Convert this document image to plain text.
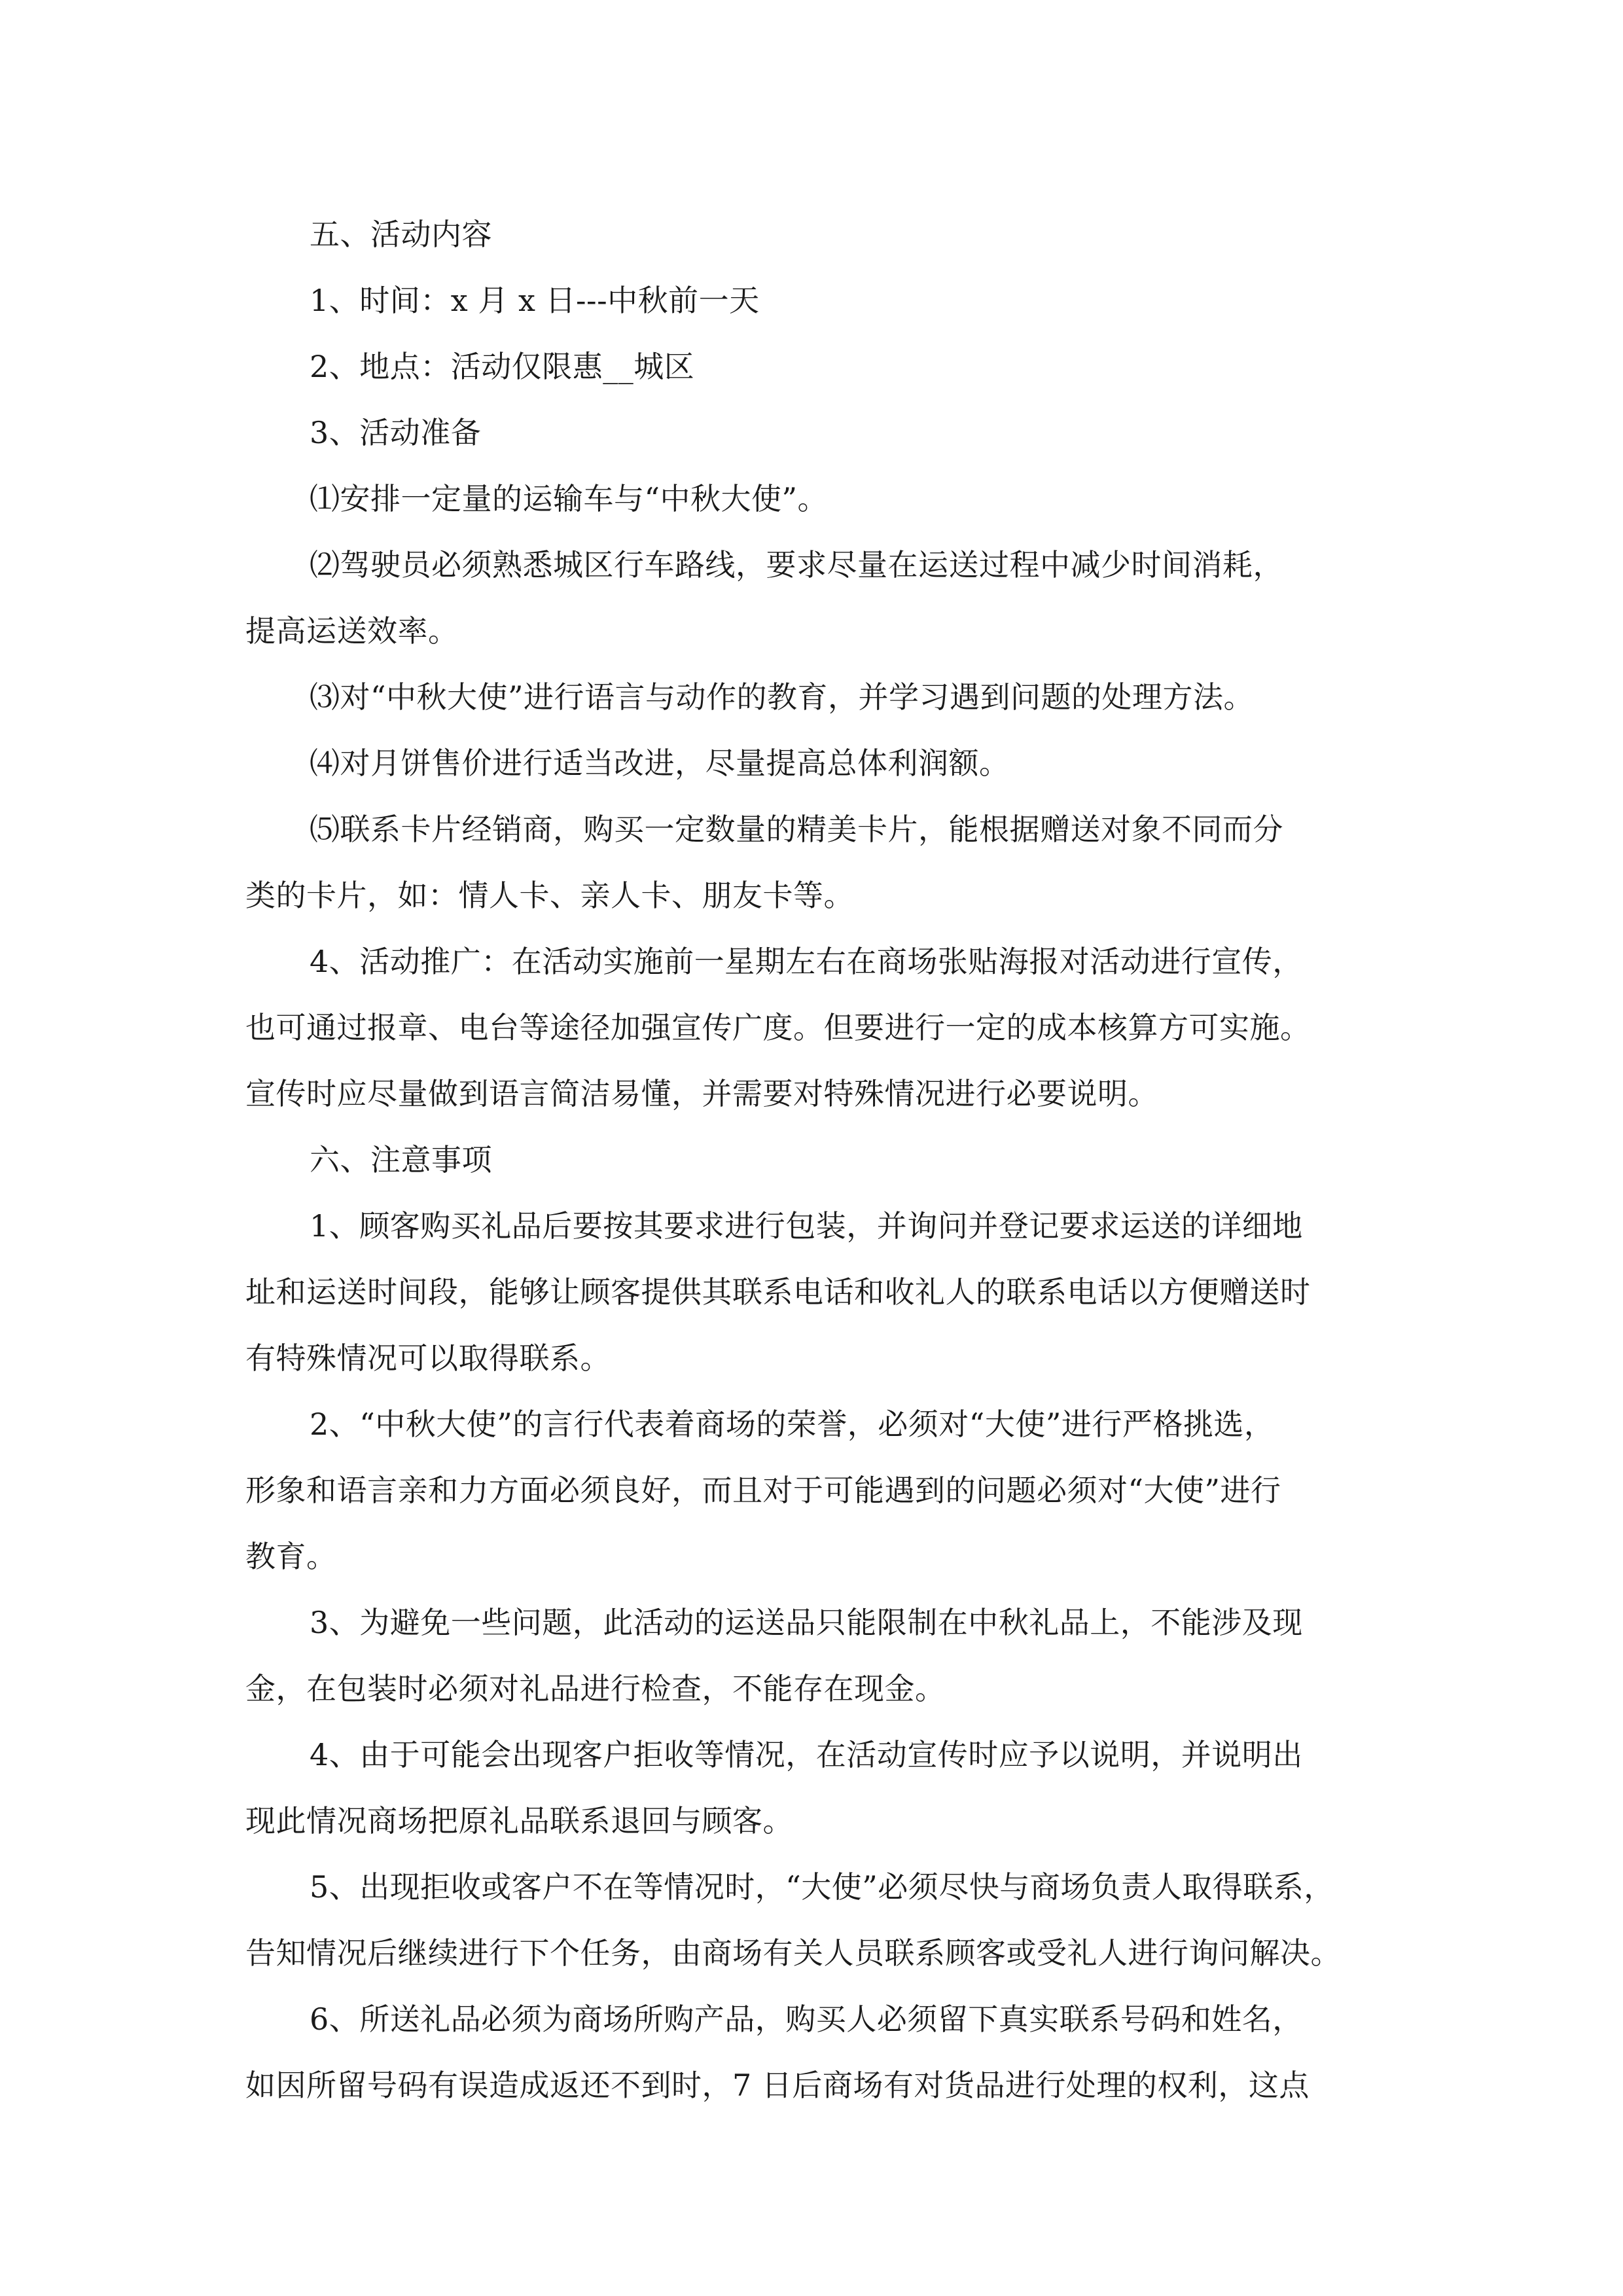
五、活动内容

1、时间：x 月 x 日---中秋前一天

2、地点：活动仅限惠__城区

3、活动准备

⑴安排一定量的运输车与“中秋大使”。

⑵驾驶员必须熟悉城区行车路线，要求尽量在运送过程中减少时间消耗，

提高运送效率。

⑶对“中秋大使”进行语言与动作的教育，并学习遇到问题的处理方法。

⑷对月饼售价进行适当改进，尽量提高总体利润额。

⑸联系卡片经销商，购买一定数量的精美卡片，能根据赠送对象不同而分

类的卡片，如：情人卡、亲人卡、朋友卡等。

4、活动推广：在活动实施前一星期左右在商场张贴海报对活动进行宣传，

也可通过报章、电台等途径加强宣传广度。但要进行一定的成本核算方可实施。

宣传时应尽量做到语言简洁易懂，并需要对特殊情况进行必要说明。

六、注意事项

1、顾客购买礼品后要按其要求进行包装，并询问并登记要求运送的详细地

址和运送时间段，能够让顾客提供其联系电话和收礼人的联系电话以方便赠送时

有特殊情况可以取得联系。

2、“中秋大使”的言行代表着商场的荣誉，必须对“大使”进行严格挑选，

形象和语言亲和力方面必须良好，而且对于可能遇到的问题必须对“大使”进行

教育。

3、为避免一些问题，此活动的运送品只能限制在中秋礼品上，不能涉及现

金，在包装时必须对礼品进行检查，不能存在现金。

4、由于可能会出现客户拒收等情况，在活动宣传时应予以说明，并说明出

现此情况商场把原礼品联系退回与顾客。

5、出现拒收或客户不在等情况时，“大使”必须尽快与商场负责人取得联系，

告知情况后继续进行下个任务，由商场有关人员联系顾客或受礼人进行询问解决。

6、所送礼品必须为商场所购产品，购买人必须留下真实联系号码和姓名，

如因所留号码有误造成返还不到时，7 日后商场有对货品进行处理的权利，这点
